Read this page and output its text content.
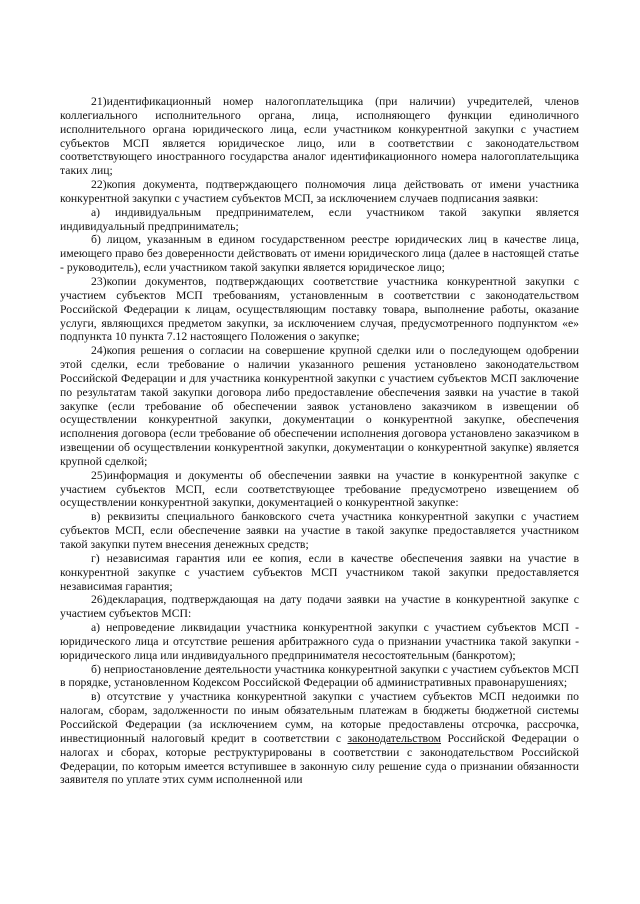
21)идентификационный номер налогоплательщика (при наличии) учредителей, членов коллегиального исполнительного органа, лица, исполняющего функции единоличного исполнительного органа юридического лица, если участником конкурентной закупки с участием субъектов МСП является юридическое лицо, или в соответствии с законодательством соответствующего иностранного государства аналог идентификационного номера налогоплательщика таких лиц;

22)копия документа, подтверждающего полномочия лица действовать от имени участника конкурентной закупки с участием субъектов МСП, за исключением случаев подписания заявки:

а) индивидуальным предпринимателем, если участником такой закупки является индивидуальный предприниматель;

б) лицом, указанным в едином государственном реестре юридических лиц в качестве лица, имеющего право без доверенности действовать от имени юридического лица (далее в настоящей статье - руководитель), если участником такой закупки является юридическое лицо;

23)копии документов, подтверждающих соответствие участника конкурентной закупки с участием субъектов МСП требованиям, установленным в соответствии с законодательством Российской Федерации к лицам, осуществляющим поставку товара, выполнение работы, оказание услуги, являющихся предметом закупки, за исключением случая, предусмотренного подпунктом «е» подпункта 10 пункта 7.12 настоящего Положения о закупке;

24)копия решения о согласии на совершение крупной сделки или о последующем одобрении этой сделки, если требование о наличии указанного решения установлено законодательством Российской Федерации и для участника конкурентной закупки с участием субъектов МСП заключение по результатам такой закупки договора либо предоставление обеспечения заявки на участие в такой закупке (если требование об обеспечении заявок установлено заказчиком в извещении об осуществлении конкурентной закупки, документации о конкурентной закупке, обеспечения исполнения договора (если требование об обеспечении исполнения договора установлено заказчиком в извещении об осуществлении конкурентной закупки, документации о конкурентной закупке) является крупной сделкой;

25)информация и документы об обеспечении заявки на участие в конкурентной закупке с участием субъектов МСП, если соответствующее требование предусмотрено извещением об осуществлении конкурентной закупки, документацией о конкурентной закупке:

в) реквизиты специального банковского счета участника конкурентной закупки с участием субъектов МСП, если обеспечение заявки на участие в такой закупке предоставляется участником такой закупки путем внесения денежных средств;

г) независимая гарантия или ее копия, если в качестве обеспечения заявки на участие в конкурентной закупке с участием субъектов МСП участником такой закупки предоставляется независимая гарантия;

26)декларация, подтверждающая на дату подачи заявки на участие в конкурентной закупке с участием субъектов МСП:

а) непроведение ликвидации участника конкурентной закупки с участием субъектов МСП - юридического лица и отсутствие решения арбитражного суда о признании участника такой закупки - юридического лица или индивидуального предпринимателя несостоятельным (банкротом);

б) неприостановление деятельности участника конкурентной закупки с участием субъектов МСП в порядке, установленном Кодексом Российской Федерации об административных правонарушениях;

в) отсутствие у участника конкурентной закупки с участием субъектов МСП недоимки по налогам, сборам, задолженности по иным обязательным платежам в бюджеты бюджетной системы Российской Федерации (за исключением сумм, на которые предоставлены отсрочка, рассрочка, инвестиционный налоговый кредит в соответствии с законодательством Российской Федерации о налогах и сборах, которые реструктурированы в соответствии с законодательством Российской Федерации, по которым имеется вступившее в законную силу решение суда о признании обязанности заявителя по уплате этих сумм исполненной или
